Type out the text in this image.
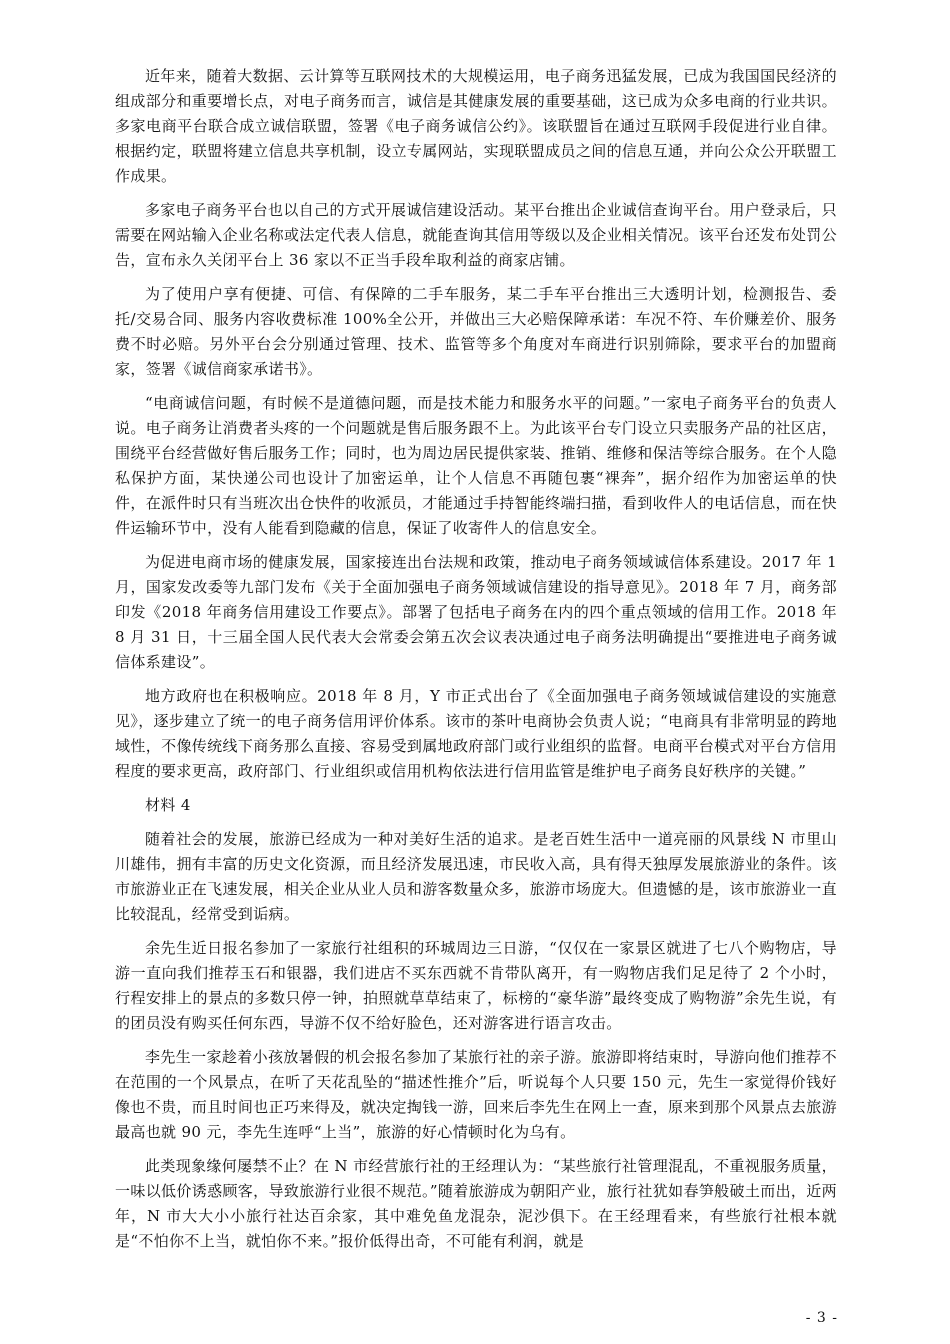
近年来，随着大数据、云计算等互联网技术的大规模运用，电子商务迅猛发展，已成为我国国民经济的组成部分和重要增长点，对电子商务而言，诚信是其健康发展的重要基础，这已成为众多电商的行业共识。多家电商平台联合成立诚信联盟，签署《电子商务诚信公约》。该联盟旨在通过互联网手段促进行业自律。根据约定，联盟将建立信息共享机制，设立专属网站，实现联盟成员之间的信息互通，并向公众公开联盟工作成果。

多家电子商务平台也以自己的方式开展诚信建设活动。某平台推出企业诚信查询平台。用户登录后，只需要在网站输入企业名称或法定代表人信息，就能查询其信用等级以及企业相关情况。该平台还发布处罚公告，宣布永久关闭平台上 36 家以不正当手段牟取利益的商家店铺。

为了使用户享有便捷、可信、有保障的二手车服务，某二手车平台推出三大透明计划，检测报告、委托/交易合同、服务内容收费标准 100%全公开，并做出三大必赔保障承诺：车况不符、车价赚差价、服务费不时必赔。另外平台会分别通过管理、技术、监管等多个角度对车商进行识别筛除，要求平台的加盟商家，签署《诚信商家承诺书》。

“电商诚信问题，有时候不是道德问题，而是技术能力和服务水平的问题。”一家电子商务平台的负责人说。电子商务让消费者头疼的一个问题就是售后服务跟不上。为此该平台专门设立只卖服务产品的社区店，围绕平台经营做好售后服务工作；同时，也为周边居民提供家装、推销、维修和保洁等综合服务。在个人隐私保护方面，某快递公司也设计了加密运单，让个人信息不再随包裹“裸奔”，据介绍作为加密运单的快件，在派件时只有当班次出仓快件的收派员，才能通过手持智能终端扫描，看到收件人的电话信息，而在快件运输环节中，没有人能看到隐藏的信息，保证了收寄件人的信息安全。

为促进电商市场的健康发展，国家接连出台法规和政策，推动电子商务领域诚信体系建设。2017 年 1 月，国家发改委等九部门发布《关于全面加强电子商务领域诚信建设的指导意见》。2018 年 7 月，商务部印发《2018 年商务信用建设工作要点》。部署了包括电子商务在内的四个重点领域的信用工作。2018 年 8 月 31 日，十三届全国人民代表大会常委会第五次会议表决通过电子商务法明确提出“要推进电子商务诚信体系建设”。

地方政府也在积极响应。2018 年 8 月，Y 市正式出台了《全面加强电子商务领域诚信建设的实施意见》，逐步建立了统一的电子商务信用评价体系。该市的茶叶电商协会负责人说；“电商具有非常明显的跨地域性，不像传统线下商务那么直接、容易受到属地政府部门或行业组织的监督。电商平台模式对平台方信用程度的要求更高，政府部门、行业组织或信用机构依法进行信用监管是维护电子商务良好秩序的关键。”

材料 4

随着社会的发展，旅游已经成为一种对美好生活的追求。是老百姓生活中一道亮丽的风景线 N 市里山川雄伟，拥有丰富的历史文化资源，而且经济发展迅速，市民收入高，具有得天独厚发展旅游业的条件。该市旅游业正在飞速发展，相关企业从业人员和游客数量众多，旅游市场庞大。但遗憾的是，该市旅游业一直比较混乱，经常受到诟病。

余先生近日报名参加了一家旅行社组积的环城周边三日游，“仅仅在一家景区就进了七八个购物店，导游一直向我们推荐玉石和银器，我们进店不买东西就不肯带队离开，有一购物店我们足足待了 2 个小时，行程安排上的景点的多数只停一钟，拍照就草草结束了，标榜的“豪华游”最终变成了购物游”余先生说，有的团员没有购买任何东西，导游不仅不给好脸色，还对游客进行语言攻击。

李先生一家趁着小孩放暑假的机会报名参加了某旅行社的亲子游。旅游即将结束时，导游向他们推荐不在范围的一个风景点，在听了天花乱坠的“描述性推介”后，听说每个人只要 150 元，先生一家觉得价钱好像也不贵，而且时间也正巧来得及，就决定掏钱一游，回来后李先生在网上一查，原来到那个风景点去旅游最高也就 90 元，李先生连呼“上当”，旅游的好心情顿时化为乌有。

此类现象缘何屡禁不止？在 N 市经营旅行社的王经理认为：“某些旅行社管理混乱，不重视服务质量，一味以低价诱惑顾客，导致旅游行业很不规范。”随着旅游成为朝阳产业，旅行社犹如春笋般破土而出，近两年，N 市大大小小旅行社达百余家，其中难免鱼龙混杂，泥沙俱下。在王经理看来，有些旅行社根本就是“不怕你不上当，就怕你不来。”报价低得出奇，不可能有利润，就是

- 3 -
